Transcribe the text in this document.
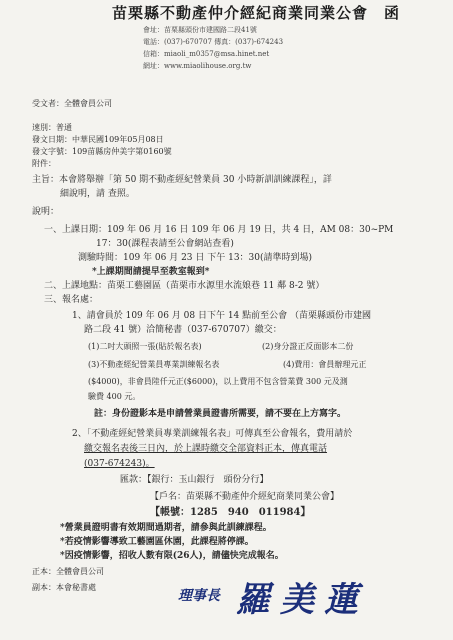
苗栗縣不動產仲介經紀商業同業公會　函
會址：苗栗縣頭份市建國路二段41號
電話：(037)-670707 傳真：(037)-674243
信箱：miaoli_m0357@msa.hinet.net
網址：www.miaolihouse.org.tw

受文者：全體會員公司
速別：普通
發文日期：中華民國109年05月08日
發文字號：109苗縣房仲美字第0160號
附件：
主旨：本會將舉辦「第 50 期不動產經紀營業員 30 小時新訓訓練課程」，詳
細說明，請 查照。
說明：
一、上課日期：109 年 06 月 16 日 109 年 06 月 19 日，共 4 日，AM 08：30~PM
17：30(課程表請至公會網站查看)
測驗時間：109 年 06 月 23 日 下午 13：30(請準時到場)
*上課期間請提早至教室報到*
二、上課地點：苗栗工藝園區（苗栗市水源里水流娘巷 11 鄰 8-2 號）
三、報名處：
1、請會員於 109 年 06 月 08 日下午 14 點前至公會 （苗栗縣頭份市建國
路二段 41 號）洽簡秘書（037-670707）繳交：
(1)二吋大頭照一張(貼於報名表)	(2)身分證正反面影本二份
(3)不動產經紀營業員專業訓練報名表	(4)費用：會員辦理元正
($4000)，非會員陸仟元正($6000)，以上費用不包含營業費 300 元及測
驗費 400 元。
註：身份證影本是申請營業員證書所需要，請不要在上方寫字。
2、「不動產經紀營業員專業訓練報名表」可傳真至公會報名，費用請於
繳交報名表後三日內，於上課時繳交全部資料正本，傳真電話
(037-674243)。
匯款：【銀行：玉山銀行　頭份分行】
【戶名：苗栗縣不動產仲介經紀商業同業公會】
【帳號：1285　940　011984】
*營業員證明書有效期間過期者，請參與此訓練課程。
*若疫情影響導致工藝園區休園，此課程將停課。
*因疫情影響，招收人數有限(26人)，請儘快完成報名。
正本：全體會員公司
副本：本會秘書處
理事長 羅美蓮
